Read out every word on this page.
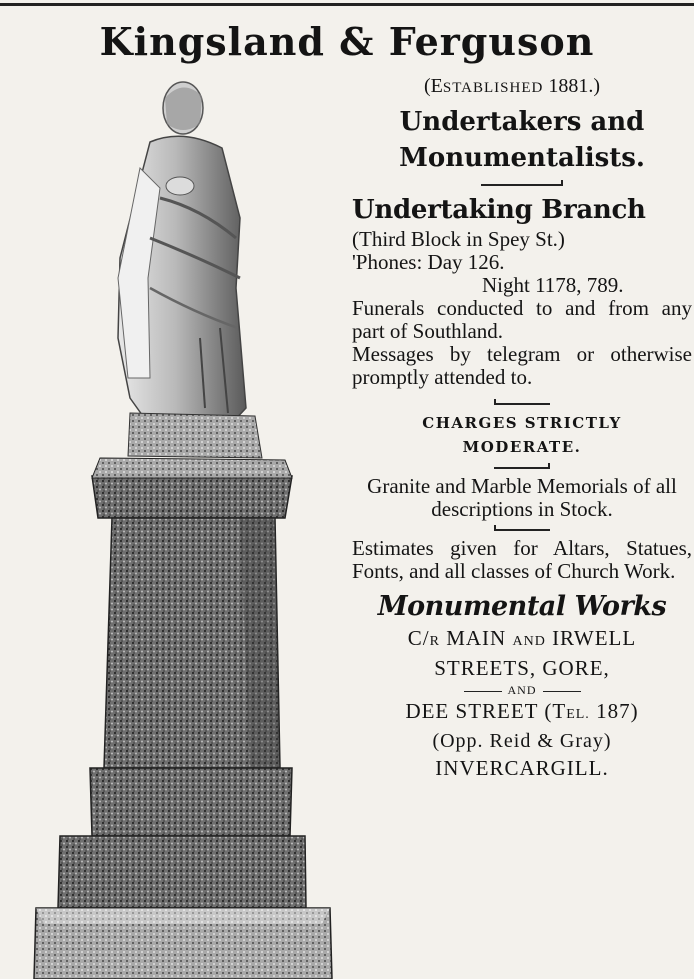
Kingsland & Ferguson
(ESTABLISHED 1881.)
Undertakers and
Monumentalists.
Undertaking Branch
(Third Block in Spey St.)
'Phones: Day 126.
Night 1178, 789.
Funerals conducted to and from any part of Southland.
Messages by telegram or otherwise promptly attended to.
CHARGES STRICTLY
MODERATE.
Granite and Marble Memorials of all descriptions in Stock.
Estimates given for Altars, Statues, Fonts, and all classes of Church Work.
Monumental Works
C/R MAIN AND IRWELL
STREETS, GORE,
AND
DEE STREET (TEL. 187)
(Opp. Reid & Gray)
INVERCARGILL.
